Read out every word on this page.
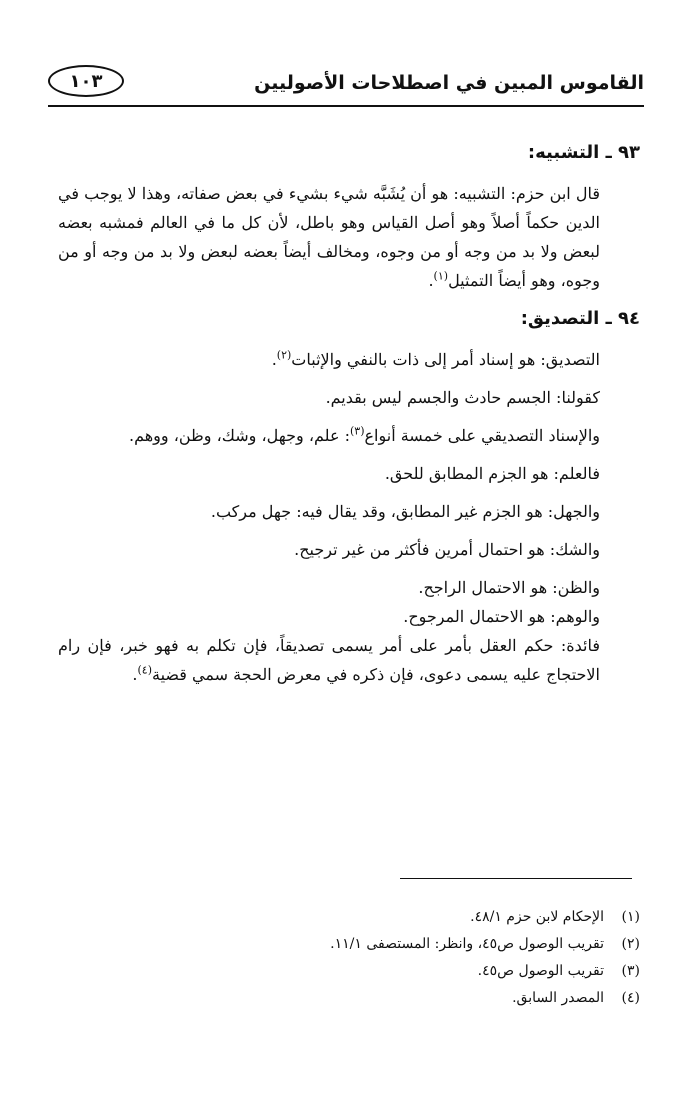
القاموس المبين في اصطلاحات الأصوليين
١٠٣
٩٣ ـ التشبيه:

قال ابن حزم: التشبيه: هو أن يُشَبَّه شيء بشيء في بعض صفاته، وهذا لا يوجب في الدين حكماً أصلاً وهو أصل القياس وهو باطل، لأن كل ما في العالم فمشبه بعضه لبعض ولا بد من وجه أو من وجوه، ومخالف أيضاً بعضه لبعض ولا بد من وجه أو من وجوه، وهو أيضاً التمثيل$^{(١)}$.

٩٤ ـ التصديق:

التصديق: هو إسناد أمر إلى ذات بالنفي والإثبات$^{(٢)}$.

كقولنا: الجسم حادث والجسم ليس بقديم.

والإسناد التصديقي على خمسة أنواع$^{(٣)}$: علم، وجهل، وشك، وظن، ووهم.

فالعلم: هو الجزم المطابق للحق.

والجهل: هو الجزم غير المطابق، وقد يقال فيه: جهل مركب.

والشك: هو احتمال أمرين فأكثر من غير ترجيح.

والظن: هو الاحتمال الراجح.

والوهم: هو الاحتمال المرجوح.

فائدة: حكم العقل بأمر على أمر يسمى تصديقاً، فإن تكلم به فهو خبر، فإن رام الاحتجاج عليه يسمى دعوى، فإن ذكره في معرض الحجة سمي قضية$^{(٤)}$.

(١)
الإحكام لابن حزم ٤٨/١.
(٢)
تقريب الوصول ص٤٥، وانظر: المستصفى ١١/١.
(٣)
تقريب الوصول ص٤٥.
(٤)
المصدر السابق.
